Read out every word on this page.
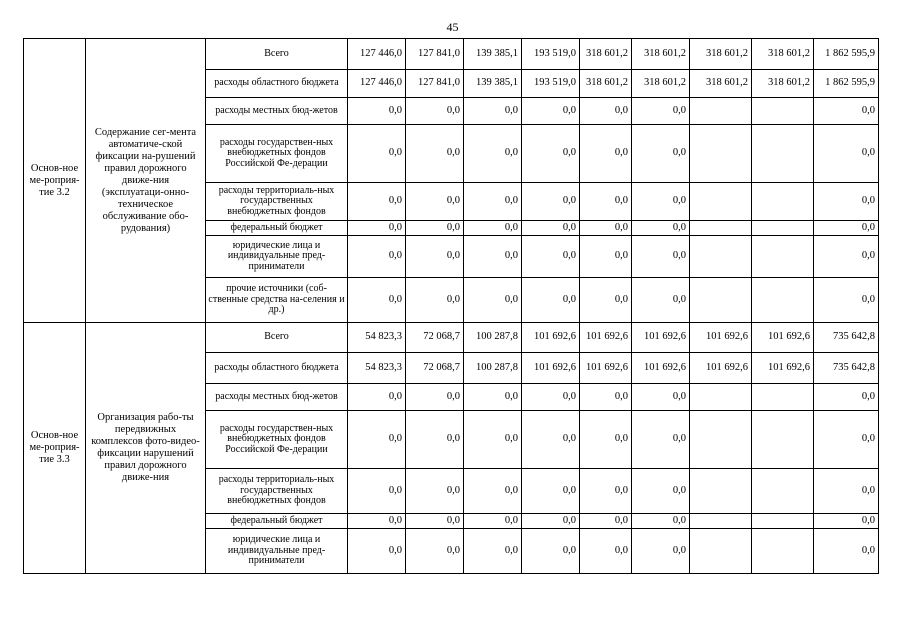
45
Основ-ное ме-роприя-тие 3.2	Содержание сег-мента автоматиче-ской фиксации на-рушений правил дорожного движе-ния (эксплуатаци-онно-техническое обслуживание обо-рудования)	Всего	127 446,0	127 841,0	139 385,1	193 519,0	318 601,2	318 601,2	318 601,2	318 601,2	1 862 595,9
		расходы областного бюджета	127 446,0	127 841,0	139 385,1	193 519,0	318 601,2	318 601,2	318 601,2	318 601,2	1 862 595,9
		расходы местных бюд-жетов	0,0	0,0	0,0	0,0	0,0	0,0			0,0
		расходы государствен-ных внебюджетных фондов Российской Фе-дерации	0,0	0,0	0,0	0,0	0,0	0,0			0,0
		расходы территориаль-ных государственных внебюджетных фондов	0,0	0,0	0,0	0,0	0,0	0,0			0,0
		федеральный бюджет	0,0	0,0	0,0	0,0	0,0	0,0			0,0
		юридические лица и индивидуальные пред-приниматели	0,0	0,0	0,0	0,0	0,0	0,0			0,0
		прочие источники (соб-ственные средства на-селения и др.)	0,0	0,0	0,0	0,0	0,0	0,0			0,0
Основ-ное ме-роприя-тие 3.3	Организация рабо-ты передвижных комплексов фото-видео- фиксации нарушений правил дорожного движе-ния	Всего	54 823,3	72 068,7	100 287,8	101 692,6	101 692,6	101 692,6	101 692,6	101 692,6	735 642,8
		расходы областного бюджета	54 823,3	72 068,7	100 287,8	101 692,6	101 692,6	101 692,6	101 692,6	101 692,6	735 642,8
		расходы местных бюд-жетов	0,0	0,0	0,0	0,0	0,0	0,0			0,0
		расходы государствен-ных внебюджетных фондов Российской Фе-дерации	0,0	0,0	0,0	0,0	0,0	0,0			0,0
		расходы территориаль-ных государственных внебюджетных фондов	0,0	0,0	0,0	0,0	0,0	0,0			0,0
		федеральный бюджет	0,0	0,0	0,0	0,0	0,0	0,0			0,0
		юридические лица и индивидуальные пред-приниматели	0,0	0,0	0,0	0,0	0,0	0,0			0,0
